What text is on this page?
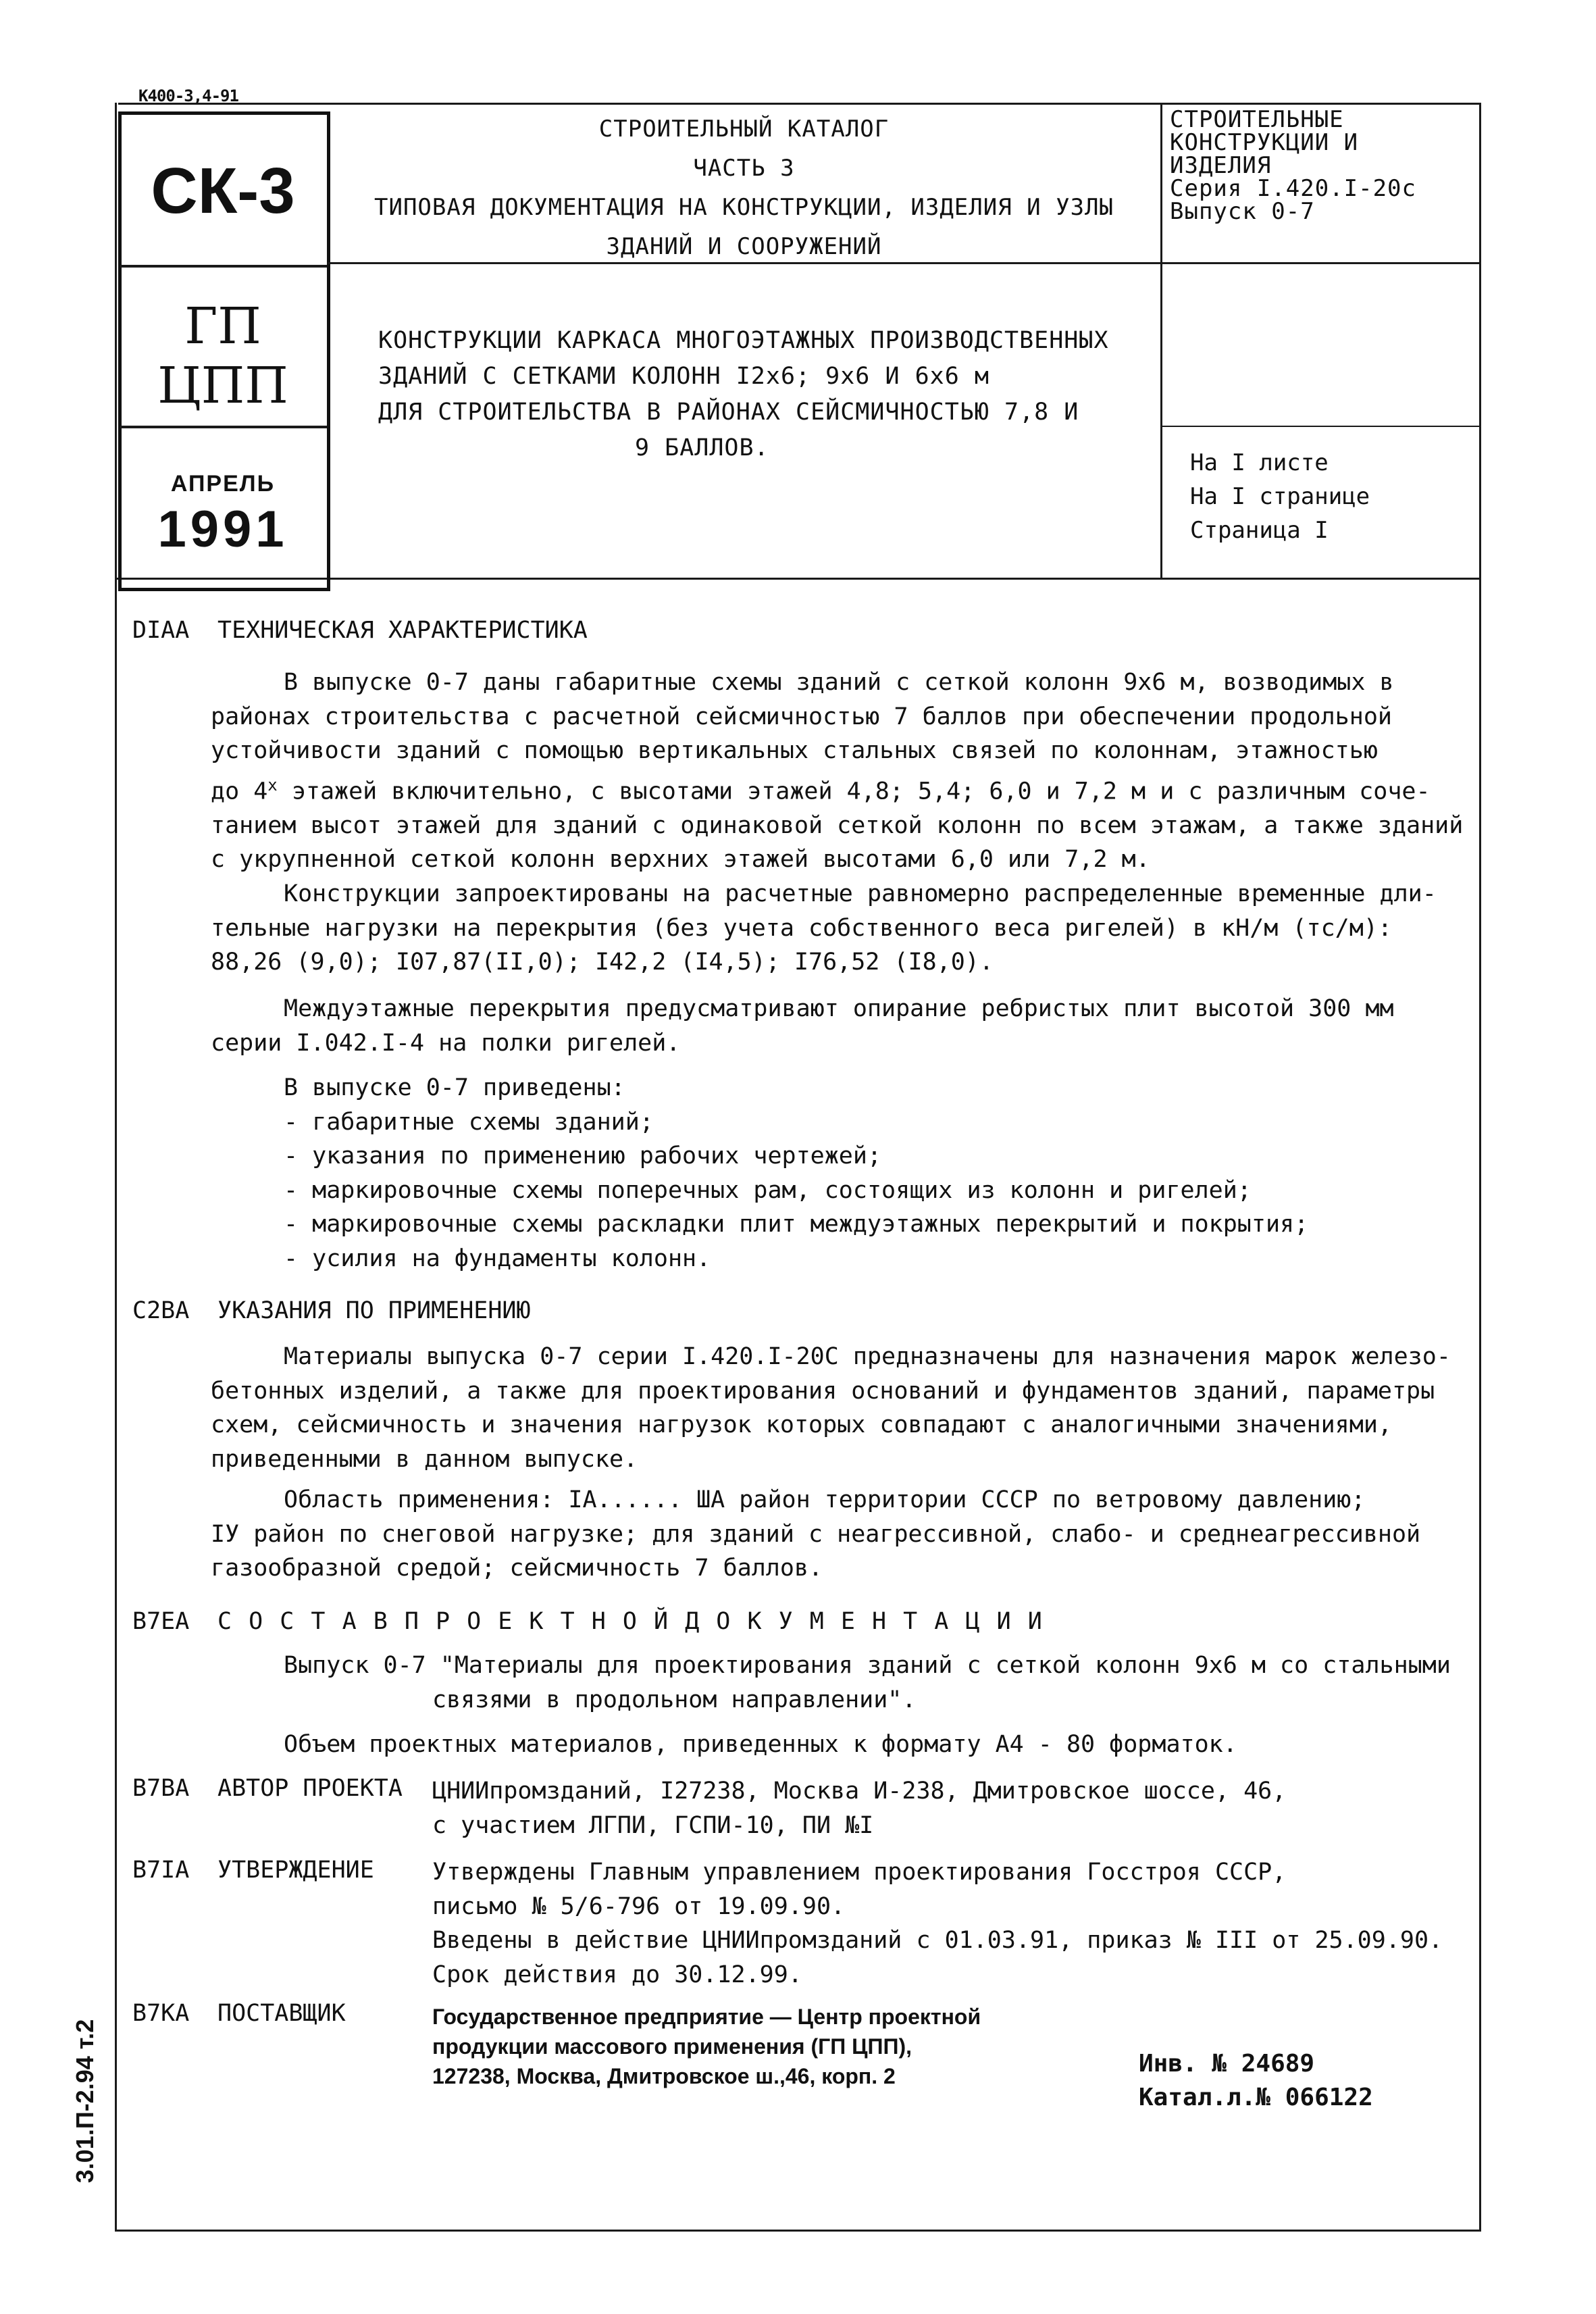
К400-3,4-91
3.01.П-2.94 т.2
СК-3
ГП
ЦПП
АПРЕЛЬ
1991
СТРОИТЕЛЬНЫЙ КАТАЛОГ
ЧАСТЬ 3
ТИПОВАЯ ДОКУМЕНТАЦИЯ НА КОНСТРУКЦИИ, ИЗДЕЛИЯ И УЗЛЫ
ЗДАНИЙ И СООРУЖЕНИЙ
СТРОИТЕЛЬНЫЕ
КОНСТРУКЦИИ И
ИЗДЕЛИЯ
Серия I.420.I-20с
Выпуск 0-7
КОНСТРУКЦИИ КАРКАСА МНОГОЭТАЖНЫХ ПРОИЗВОДСТВЕННЫХ
ЗДАНИЙ С СЕТКАМИ КОЛОНН I2х6; 9х6 И 6х6 м
ДЛЯ СТРОИТЕЛЬСТВА В РАЙОНАХ СЕЙСМИЧНОСТЬЮ 7,8 И
9 БАЛЛОВ.
На I листе
На I странице
Страница I
DIAA ТЕХНИЧЕСКАЯ ХАРАКТЕРИСТИКА
В выпуске 0-7 даны габаритные схемы зданий с сеткой колонн 9х6 м, возводимых в
районах строительства с расчетной сейсмичностью 7 баллов при обеспечении продольной
устойчивости зданий с помощью вертикальных стальных связей по колоннам, этажностью
до $4^х$ этажей включительно, с высотами этажей 4,8; 5,4; 6,0 и 7,2 м и с различным соче-
танием высот этажей для зданий с одинаковой сеткой колонн по всем этажам, а также зданий
с укрупненной сеткой колонн верхних этажей высотами 6,0 или 7,2 м.
Конструкции запроектированы на расчетные равномерно распределенные временные дли-
тельные нагрузки на перекрытия (без учета собственного веса ригелей) в кН/м (тс/м):
88,26 (9,0); I07,87(II,0); I42,2 (I4,5); I76,52 (I8,0).
Междуэтажные перекрытия предусматривают опирание ребристых плит высотой 300 мм
серии I.042.I-4 на полки ригелей.
В выпуске 0-7 приведены:
- габаритные схемы зданий;
- указания по применению рабочих чертежей;
- маркировочные схемы поперечных рам, состоящих из колонн и ригелей;
- маркировочные схемы раскладки плит междуэтажных перекрытий и покрытия;
- усилия на фундаменты колонн.
C2BA УКАЗАНИЯ ПО ПРИМЕНЕНИЮ
Материалы выпуска 0-7 серии I.420.I-20С предназначены для назначения марок железо-
бетонных изделий, а также для проектирования оснований и фундаментов зданий, параметры
схем, сейсмичность и значения нагрузок которых совпадают с аналогичными значениями,
приведенными в данном выпуске.
Область применения: IA...... ША район территории СССР по ветровому давлению;
IУ район по снеговой нагрузке; для зданий с неагрессивной, слабо- и среднеагрессивной
газообразной средой; сейсмичность 7 баллов.
B7EA С О С Т А В П Р О Е К Т Н О Й Д О К У М Е Н Т А Ц И И
Выпуск 0-7 "Материалы для проектирования зданий с сеткой колонн 9х6 м со стальными
связями в продольном направлении".
Объем проектных материалов, приведенных к формату А4 - 80 форматок.
B7BA АВТОР ПРОЕКТА ЦНИИпромзданий, I27238, Москва И-238, Дмитровское шоссе, 46,
с участием ЛГПИ, ГСПИ-10, ПИ №I
B7IA УТВЕРЖДЕНИЕ Утверждены Главным управлением проектирования Госстроя СССР,
письмо № 5/6-796 от 19.09.90.
Введены в действие ЦНИИпромзданий с 01.03.91, приказ № III от 25.09.90.
Срок действия до 30.12.99.
B7KA ПОСТАВЩИК	Государственное предприятие — Центр проектной
продукции массового применения (ГП ЦПП),
127238, Москва, Дмитровское ш.,46, корп. 2	Инв. № 24689
Катал.л.№ 066122
